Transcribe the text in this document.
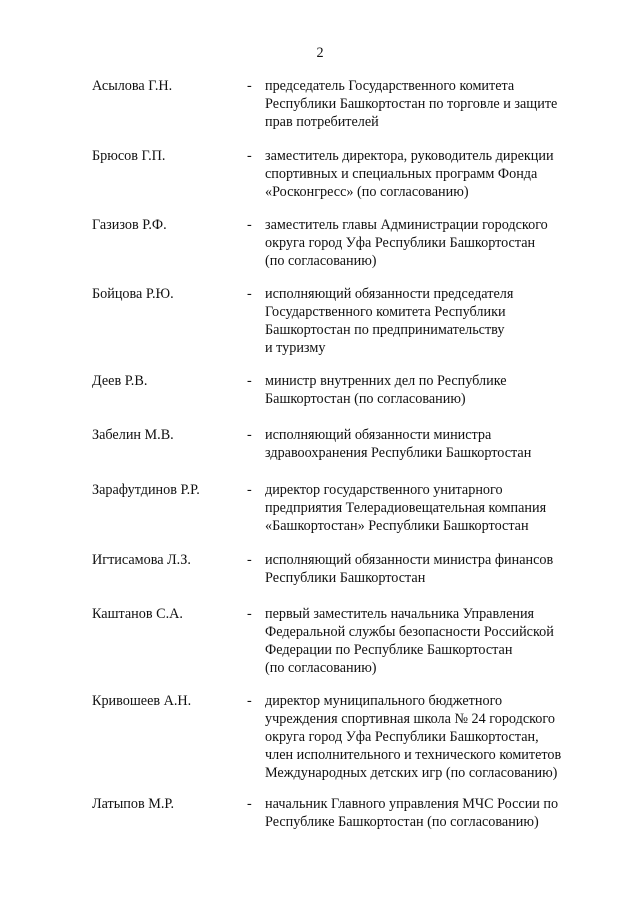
2
Асылова Г.Н.	- председатель Государственного комитета
Республики Башкортостан по торговле и защите
прав потребителей
Брюсов Г.П.	- заместитель директора, руководитель дирекции
спортивных и специальных программ Фонда
«Росконгресс» (по согласованию)
Газизов Р.Ф.	- заместитель главы Администрации городского
округа город Уфа Республики Башкортостан
(по согласованию)
Бойцова Р.Ю.	- исполняющий обязанности председателя
Государственного комитета Республики
Башкортостан по предпринимательству
и туризму
Деев Р.В.	- министр внутренних дел по Республике
Башкортостан (по согласованию)
Забелин М.В.	- исполняющий обязанности министра
здравоохранения Республики Башкортостан
Зарафутдинов Р.Р.	- директор государственного унитарного
предприятия Телерадиовещательная компания
«Башкортостан» Республики Башкортостан
Игтисамова Л.З.	- исполняющий обязанности министра финансов
Республики Башкортостан
Каштанов С.А.	- первый заместитель начальника Управления
Федеральной службы безопасности Российской
Федерации по Республике Башкортостан
(по согласованию)
Кривошеев А.Н.	- директор муниципального бюджетного
учреждения спортивная школа № 24 городского
округа город Уфа Республики Башкортостан,
член исполнительного и технического комитетов
Международных детских игр (по согласованию)
Латыпов М.Р.	- начальник Главного управления МЧС России по
Республике Башкортостан (по согласованию)
